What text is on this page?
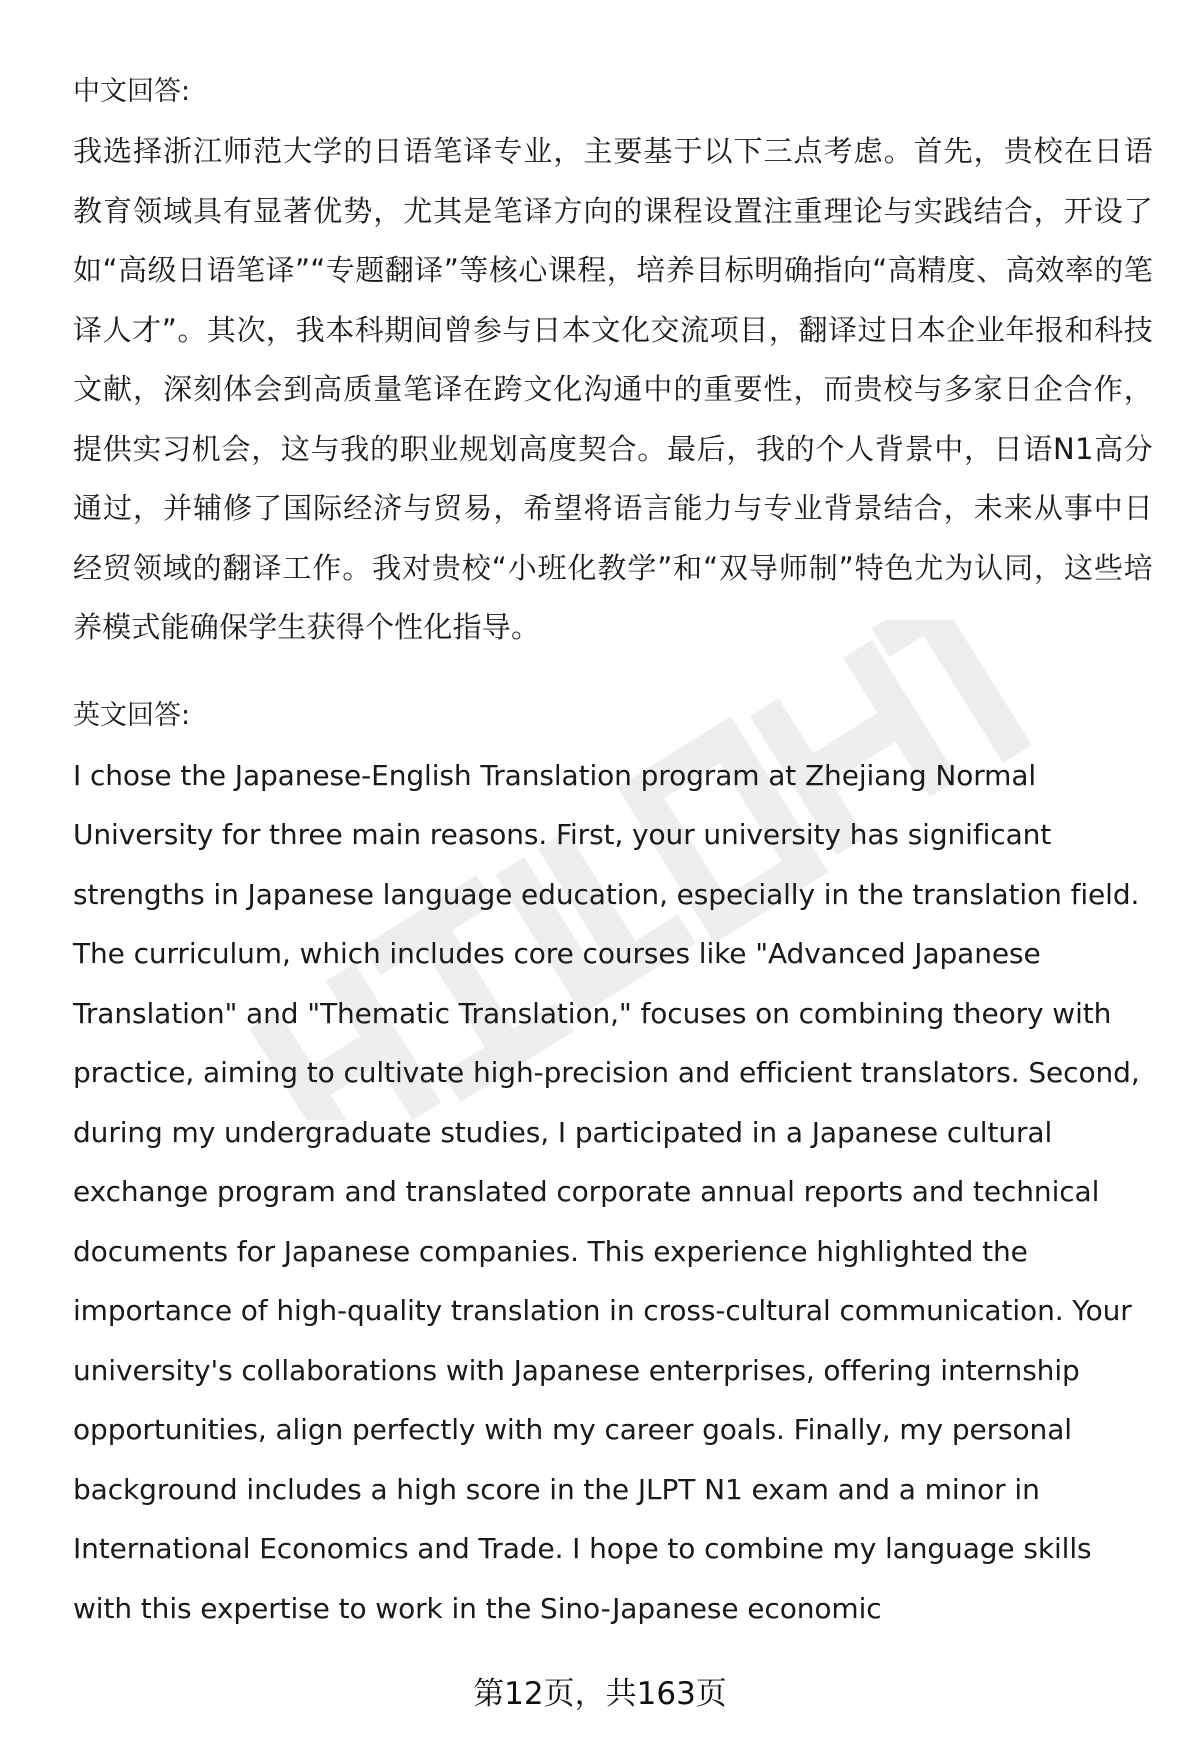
中文回答:

我选择浙江师范大学的日语笔译专业，主要基于以下三点考虑。首先，贵校在日语教育领域具有显著优势，尤其是笔译方向的课程设置注重理论与实践结合，开设了如“高级日语笔译”“专题翻译”等核心课程，培养目标明确指向“高精度、高效率的笔译人才”。其次，我本科期间曾参与日本文化交流项目，翻译过日本企业年报和科技文献，深刻体会到高质量笔译在跨文化沟通中的重要性，而贵校与多家日企合作，提供实习机会，这与我的职业规划高度契合。最后，我的个人背景中，日语N1高分通过，并辅修了国际经济与贸易，希望将语言能力与专业背景结合，未来从事中日经贸领域的翻译工作。我对贵校“小班化教学”和“双导师制”特色尤为认同，这些培养模式能确保学生获得个性化指导。

英文回答:

I chose the Japanese-English Translation program at Zhejiang Normal University for three main reasons. First, your university has significant strengths in Japanese language education, especially in the translation field. The curriculum, which includes core courses like "Advanced Japanese Translation" and "Thematic Translation," focuses on combining theory with practice, aiming to cultivate high-precision and efficient translators. Second, during my undergraduate studies, I participated in a Japanese cultural exchange program and translated corporate annual reports and technical documents for Japanese companies. This experience highlighted the importance of high-quality translation in cross-cultural communication. Your university's collaborations with Japanese enterprises, offering internship opportunities, align perfectly with my career goals. Finally, my personal background includes a high score in the JLPT N1 exam and a minor in International Economics and Trade. I hope to combine my language skills with this expertise to work in the Sino-Japanese economic

第12页，共163页
